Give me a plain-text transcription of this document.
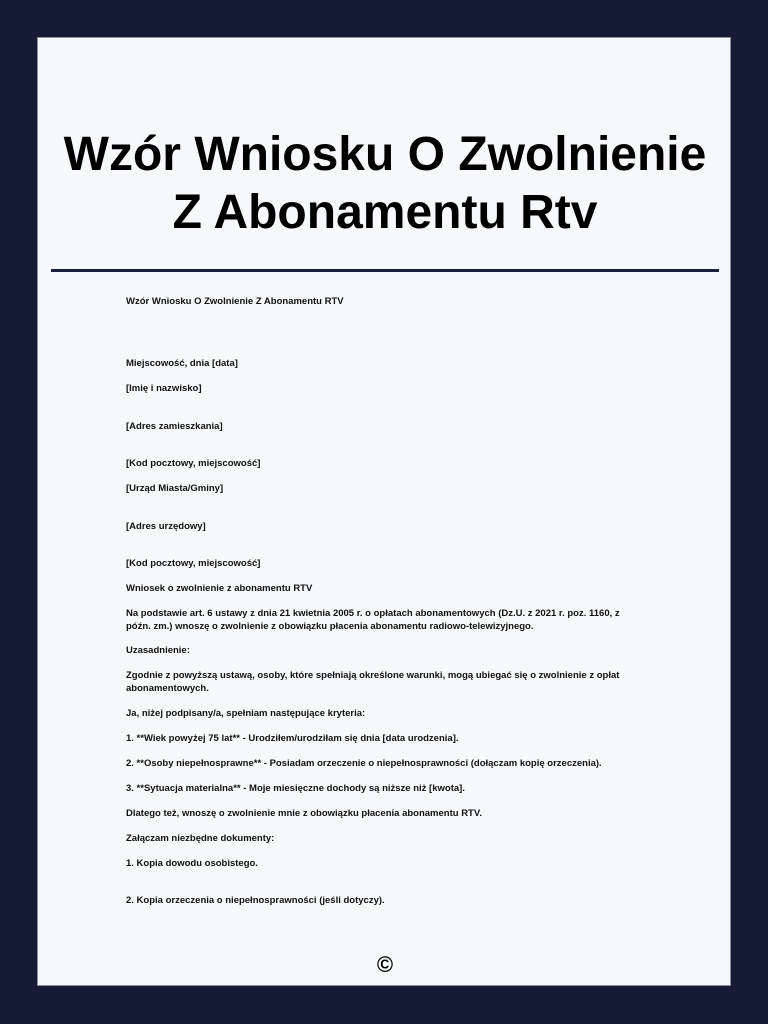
Wzór Wniosku O Zwolnienie
Z Abonamentu Rtv

Wzór Wniosku O Zwolnienie Z Abonamentu RTV

Miejscowość, dnia [data]

[Imię i nazwisko]

[Adres zamieszkania]

[Kod pocztowy, miejscowość]

[Urząd Miasta/Gminy]

[Adres urzędowy]

[Kod pocztowy, miejscowość]

Wniosek o zwolnienie z abonamentu RTV

Na podstawie art. 6 ustawy z dnia 21 kwietnia 2005 r. o opłatach abonamentowych (Dz.U. z 2021 r. poz. 1160, z późn. zm.) wnoszę o zwolnienie z obowiązku płacenia abonamentu radiowo-telewizyjnego.

Uzasadnienie:

Zgodnie z powyższą ustawą, osoby, które spełniają określone warunki, mogą ubiegać się o zwolnienie z opłat abonamentowych.

Ja, niżej podpisany/a, spełniam następujące kryteria:

1. **Wiek powyżej 75 lat** - Urodziłem/urodziłam się dnia [data urodzenia].

2. **Osoby niepełnosprawne** - Posiadam orzeczenie o niepełnosprawności (dołączam kopię orzeczenia).

3. **Sytuacja materialna** - Moje miesięczne dochody są niższe niż [kwota].

Dlatego też, wnoszę o zwolnienie mnie z obowiązku płacenia abonamentu RTV.

Załączam niezbędne dokumenty:

1. Kopia dowodu osobistego.

2. Kopia orzeczenia o niepełnosprawności (jeśli dotyczy).

©
